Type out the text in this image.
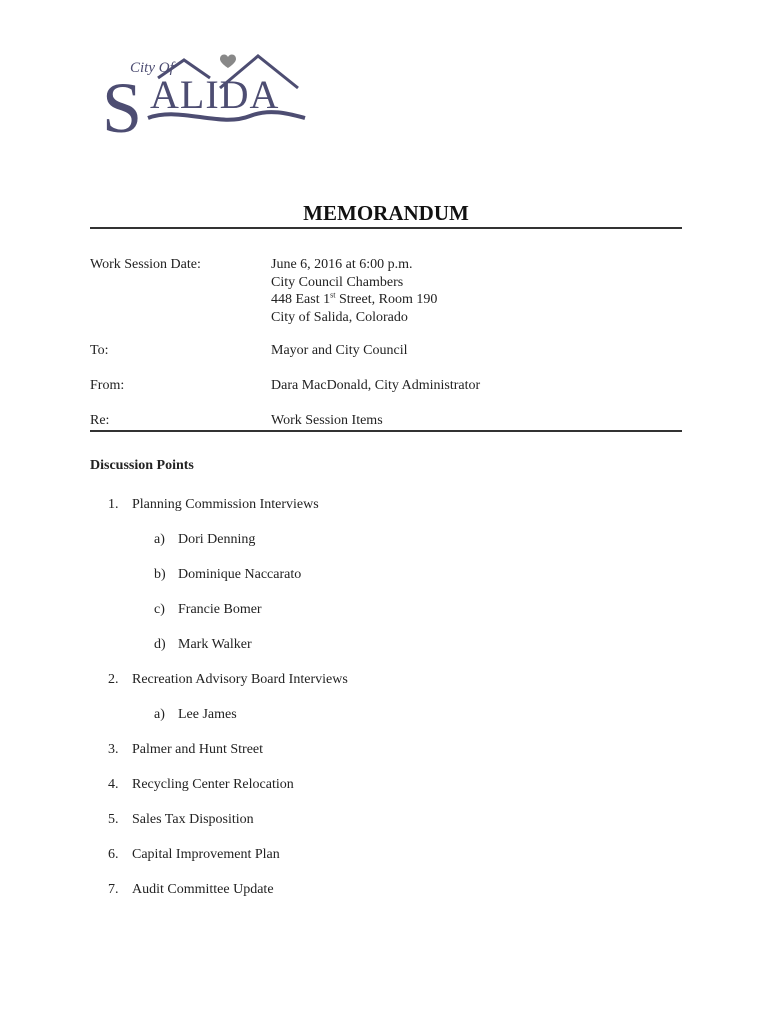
City Of
S ALIDA
MEMORANDUM
Work Session Date:	June 6, 2016 at 6:00 p.m.
City Council Chambers
448 East 1st Street, Room 190
City of Salida, Colorado
To:	Mayor and City Council
From:	Dara MacDonald, City Administrator
Re:	Work Session Items
Discussion Points
1. Planning Commission Interviews
a) Dori Denning
b) Dominique Naccarato
c) Francie Bomer
d) Mark Walker
2. Recreation Advisory Board Interviews
a) Lee James
3. Palmer and Hunt Street
4. Recycling Center Relocation
5. Sales Tax Disposition
6. Capital Improvement Plan
7. Audit Committee Update
